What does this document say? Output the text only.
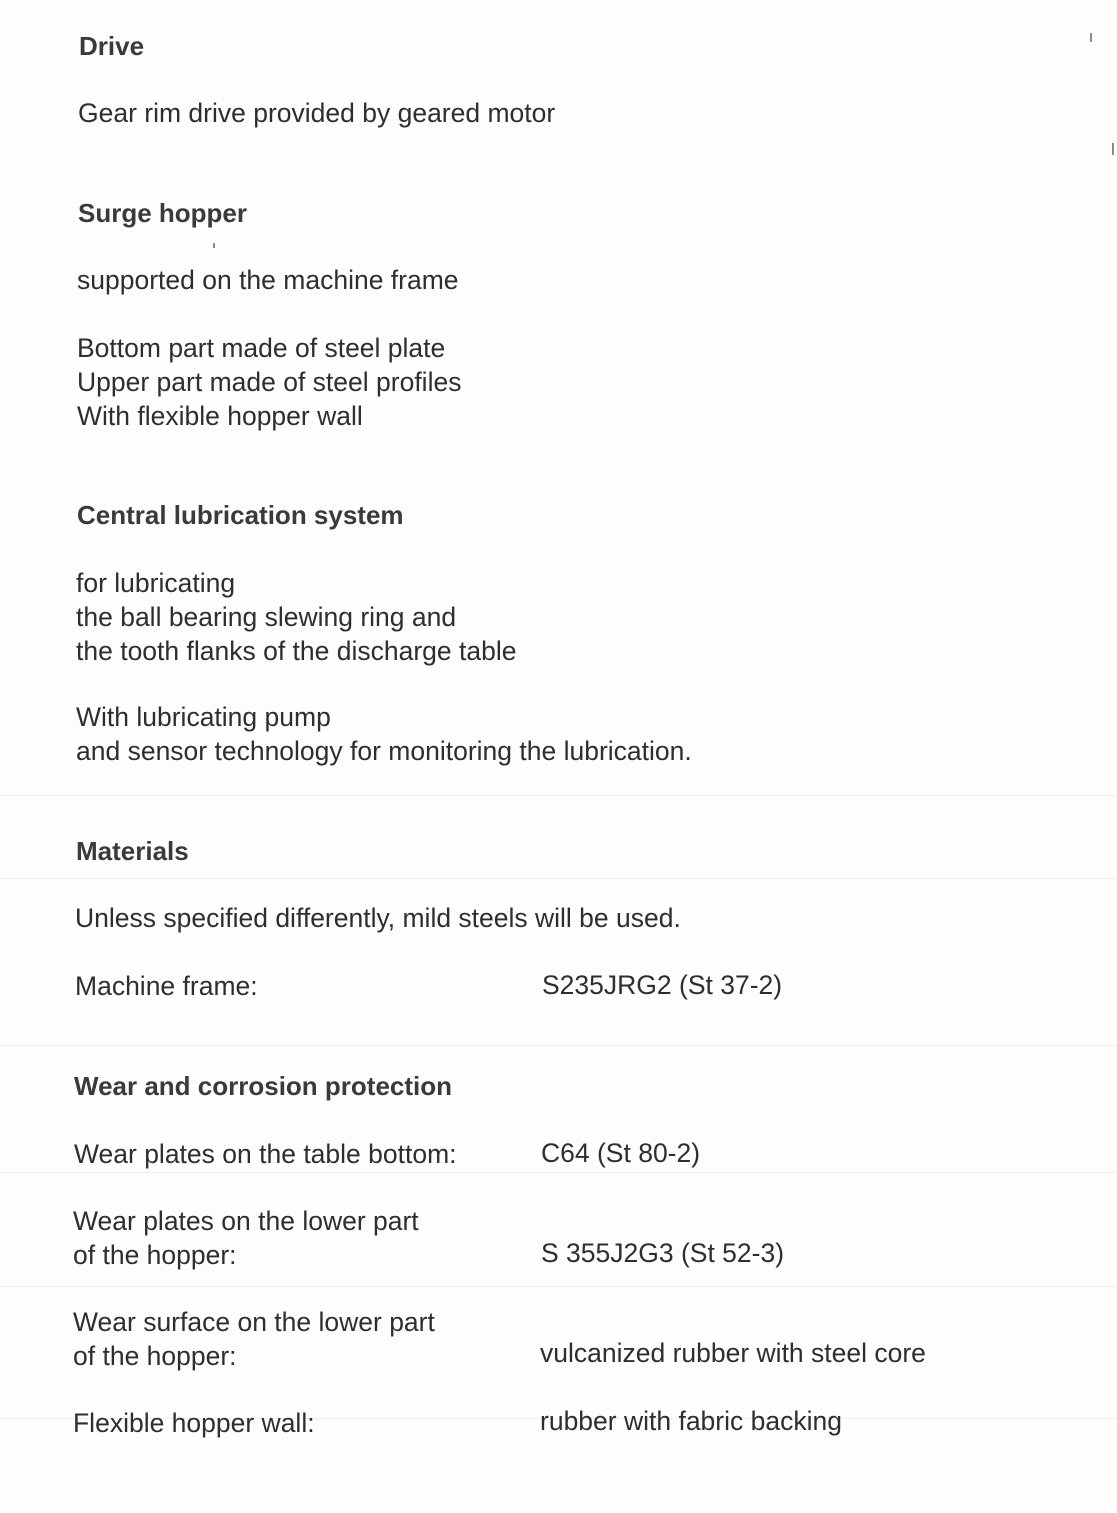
Drive
Gear rim drive provided by geared motor
Surge hopper
supported on the machine frame
Bottom part made of steel plate
Upper part made of steel profiles
With flexible hopper wall
Central lubrication system
for lubricating
the ball bearing slewing ring and
the tooth flanks of the discharge table
With lubricating pump
and sensor technology for monitoring the lubrication.
Materials
Unless specified differently, mild steels will be used.
Machine frame:	S235JRG2 (St 37-2)
Wear and corrosion protection
Wear plates on the table bottom:	C64 (St 80-2)
Wear plates on the lower part
of the hopper:	S 355J2G3 (St 52-3)
Wear surface on the lower part
of the hopper:	vulcanized rubber with steel core
Flexible hopper wall:	rubber with fabric backing
